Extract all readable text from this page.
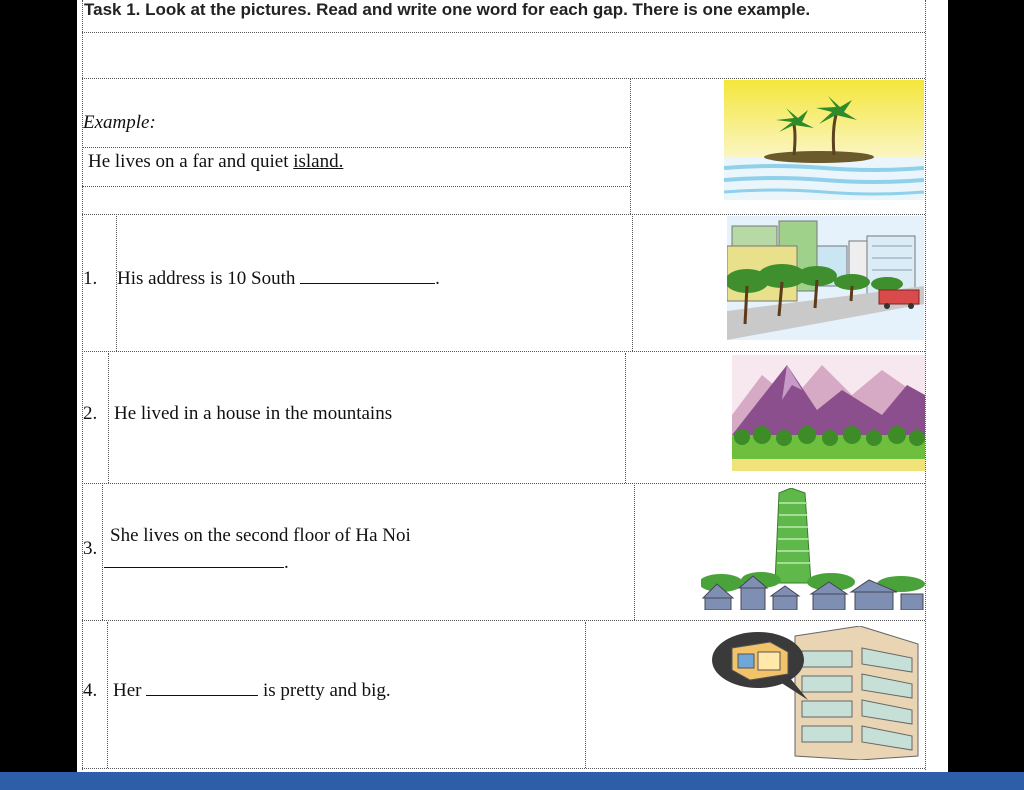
Task 1. Look at the pictures. Read and write one word for each gap. There is one example.
Example:
He lives on a far and quiet island.
1. His address is 10 South	.
2. He lived in a house in the mountains
3.
She lives on the second floor of Ha Noi
.
4. Her	is pretty and big.
